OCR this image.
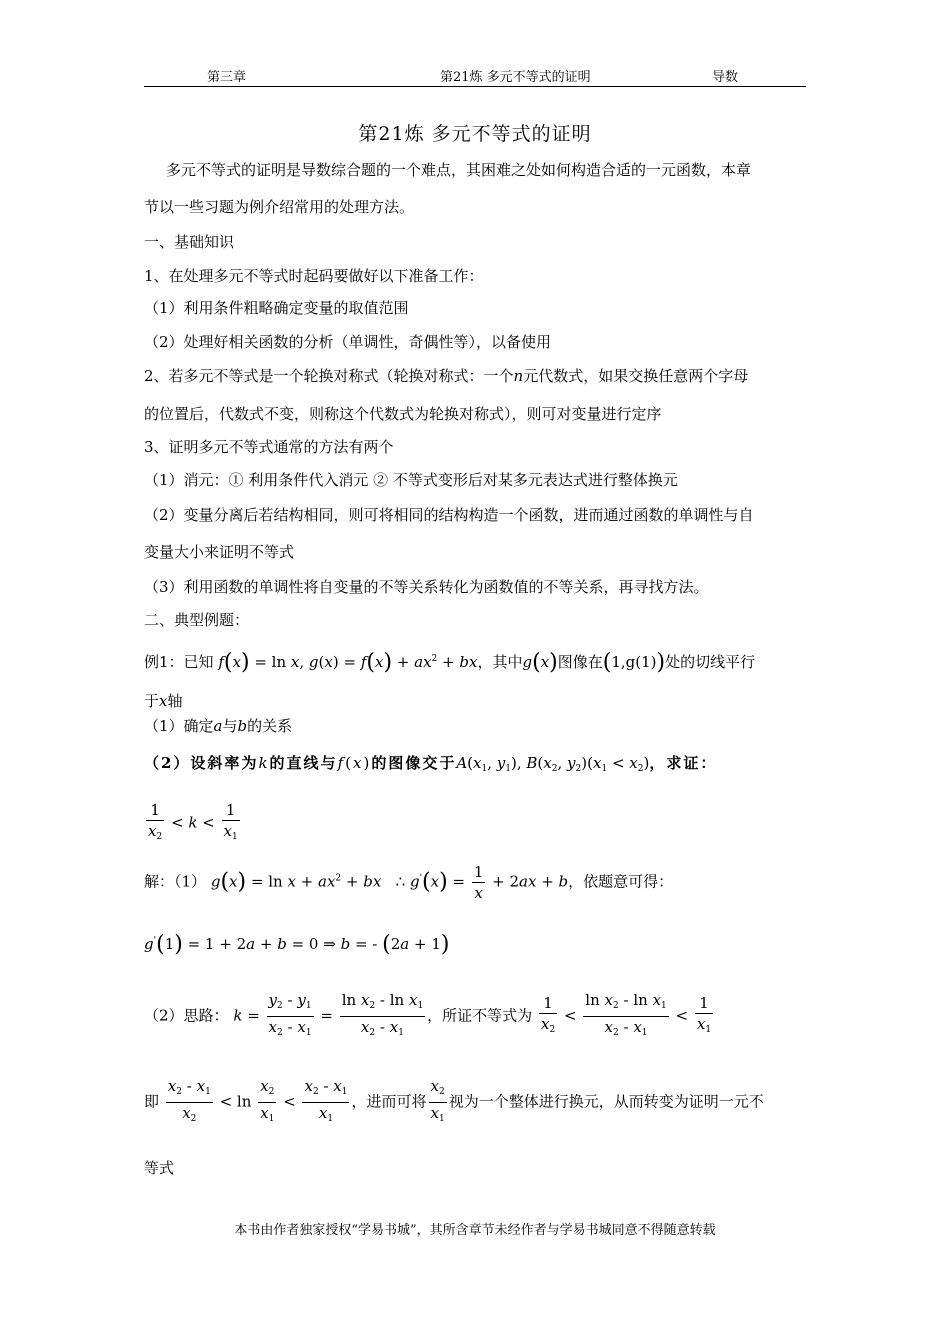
第三章	第21炼 多元不等式的证明	导数
第21炼 多元不等式的证明
多元不等式的证明是导数综合题的一个难点，其困难之处如何构造合适的一元函数，本章
节以一些习题为例介绍常用的处理方法。
一、基础知识
1、在处理多元不等式时起码要做好以下准备工作：
（1）利用条件粗略确定变量的取值范围
（2）处理好相关函数的分析（单调性，奇偶性等），以备使用
2、若多元不等式是一个轮换对称式（轮换对称式：一个n元代数式，如果交换任意两个字母
的位置后，代数式不变，则称这个代数式为轮换对称式），则可对变量进行定序
3、证明多元不等式通常的方法有两个
（1）消元：① 利用条件代入消元 ② 不等式变形后对某多元表达式进行整体换元
（2）变量分离后若结构相同，则可将相同的结构构造一个函数，进而通过函数的单调性与自
变量大小来证明不等式
（3）利用函数的单调性将自变量的不等关系转化为函数值的不等关系，再寻找方法。
二、典型例题：
例1：已知 f(x) = ln x, $g(x) = f(x) + ax^2$ + bx，其中g(x)图像在(1,g(1))处的切线平行
于x轴
（1）确定a与b的关系
（2）设斜率为k的直线与f(x)的图像交于$A(x_1$, $y_1$), $B(x_2$, $y_2)(x_1 < x_2)$，求证：
$\frac{1}{x_2} < k < \frac{1}{x_1}$
解：（1） $g(x) = \ln x + ax^2$ + bx   ∴ $g'(x) = \frac{1}{x} + 2ax + b$，依题意可得：
g'(1) = 1 + 2a + b = 0 ⇒ b = - (2a + 1)
（2）思路： $k = \frac{y_2 - y_1}{x_2 - x_1} = \frac{\ln x_2 - \ln x_1}{x_2 - x_1}$ ，所证不等式为 $\frac{1}{x_2} < \frac{\ln x_2 - \ln x_1}{x_2 - x_1} < \frac{1}{x_1}$
即 $\frac{x_2 - x_1}{x_2} < \ln \frac{x_2}{x_1} < \frac{x_2 - x_1}{x_1}$ ，进而可将 $\frac{x_2}{x_1}$ 视为一个整体进行换元，从而转变为证明一元不
等式
本书由作者独家授权“学易书城”，其所含章节未经作者与学易书城同意不得随意转载
